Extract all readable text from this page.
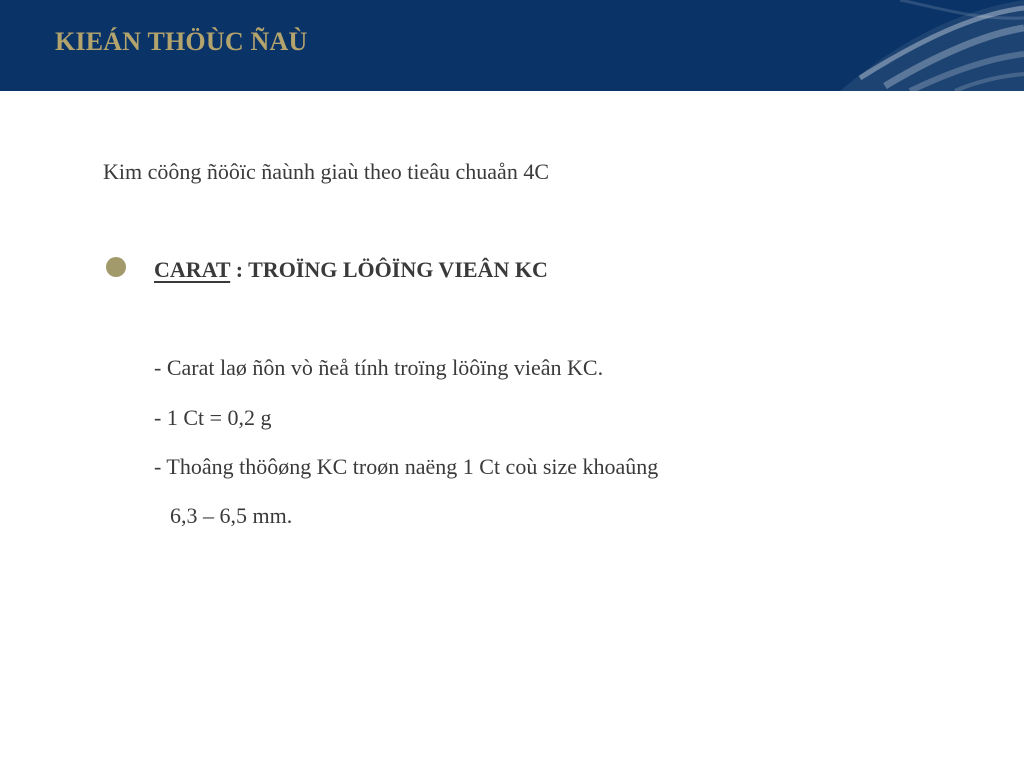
KIEÁN THÖÙC ÑAÙ

Kim cöông ñöôïc ñaùnh giaù theo tieâu chuaån 4C

CARAT : TROÏNG LÖÔÏNG VIEÂN KC

- Carat laø ñôn vò ñeå tính troïng löôïng vieân KC.

- 1 Ct = 0,2 g

- Thoâng thöôøng KC troøn naëng 1 Ct coù size khoaûng

6,3 – 6,5 mm.
